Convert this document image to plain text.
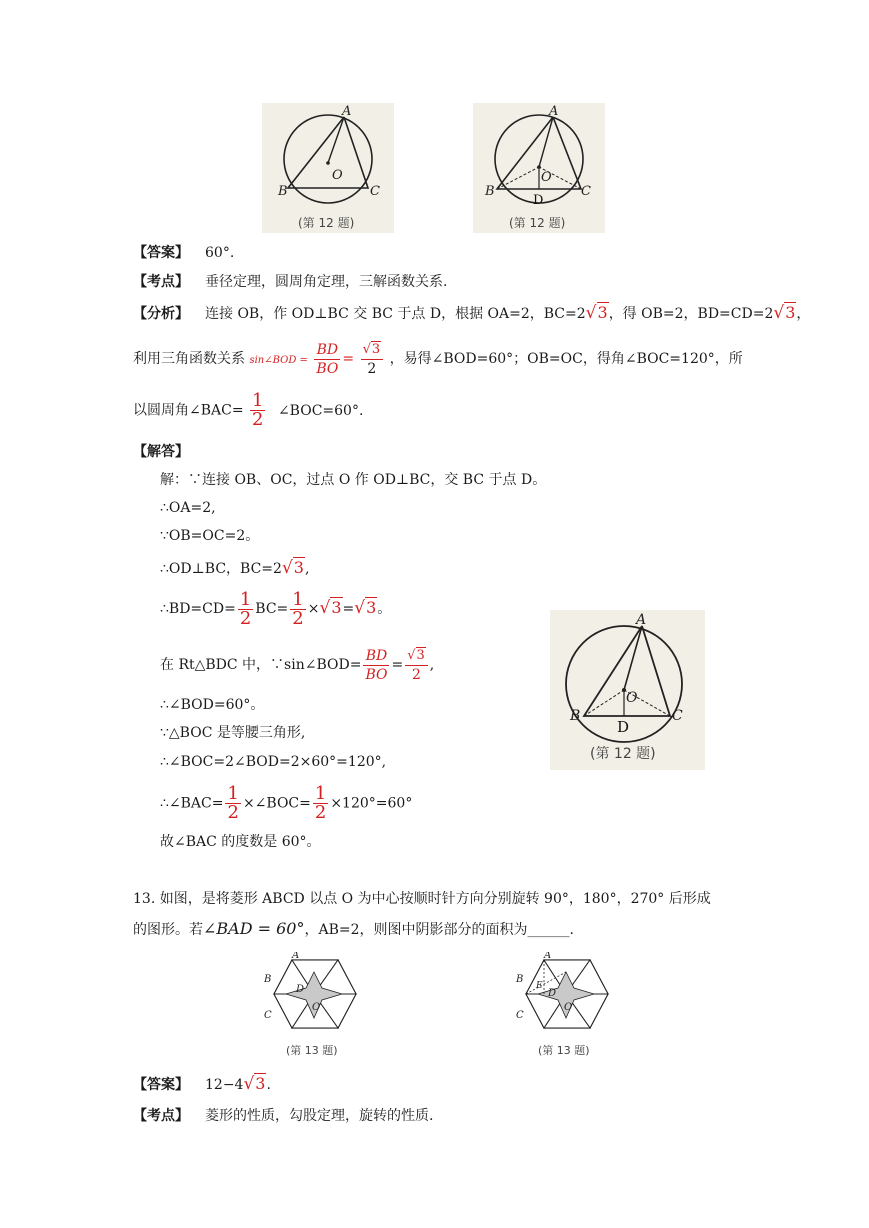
A
B	C
O
(第 12 题)
A
B	C
O
D
(第 12 题)
【答案】 60°.
【考点】 垂径定理，圆周角定理，三解函数关系.
【分析】 连接 OB，作 OD⊥BC 交 BC 于点 D，根据 OA=2，BC=2√3，得 OB=2，BD=CD=2√3，
利用三角函数关系 sin∠BOD = $\frac{BD}{BO} = \frac{√3}{2}$ ，易得∠BOD=60°；OB=OC，得角∠BOC=120°，所
以圆周角∠BAC= $\frac{1}{2}$ ∠BOC=60°.
【解答】
解：∵连接 OB、OC，过点 O 作 OD⊥BC，交 BC 于点 D。
∴OA=2,
∵OB=OC=2。
∴OD⊥BC，BC=2√3,
∴BD=CD= $\frac{1}{2} BC= \frac{1}{2} \times√3=√3$。
在 Rt△BDC 中，∵sin∠BOD= $\frac{BD}{BO} = \frac{√3}{2}$ ,
∴∠BOD=60°。
∵△BOC 是等腰三角形,
∴∠BOC=2∠BOD=2×60°=120°,
∴∠BAC= $\frac{1}{2}$ ×∠BOC= $\frac{1}{2} \times 120^\circ=60^\circ$
故∠BAC 的度数是 60°。
A
B	C
O
D
(第 12 题)
13. 如图，是将菱形 ABCD 以点 O 为中心按顺时针方向分别旋转 90°，180°，270° 后形成
的图形。若∠BAD = 60°，AB=2，则图中阴影部分的面积为______.
A
B
C
D
O
(第 13 题)
A
B
C
E
D
O
(第 13 题)
【答案】 12−4√3.
【考点】 菱形的性质，勾股定理，旋转的性质.
